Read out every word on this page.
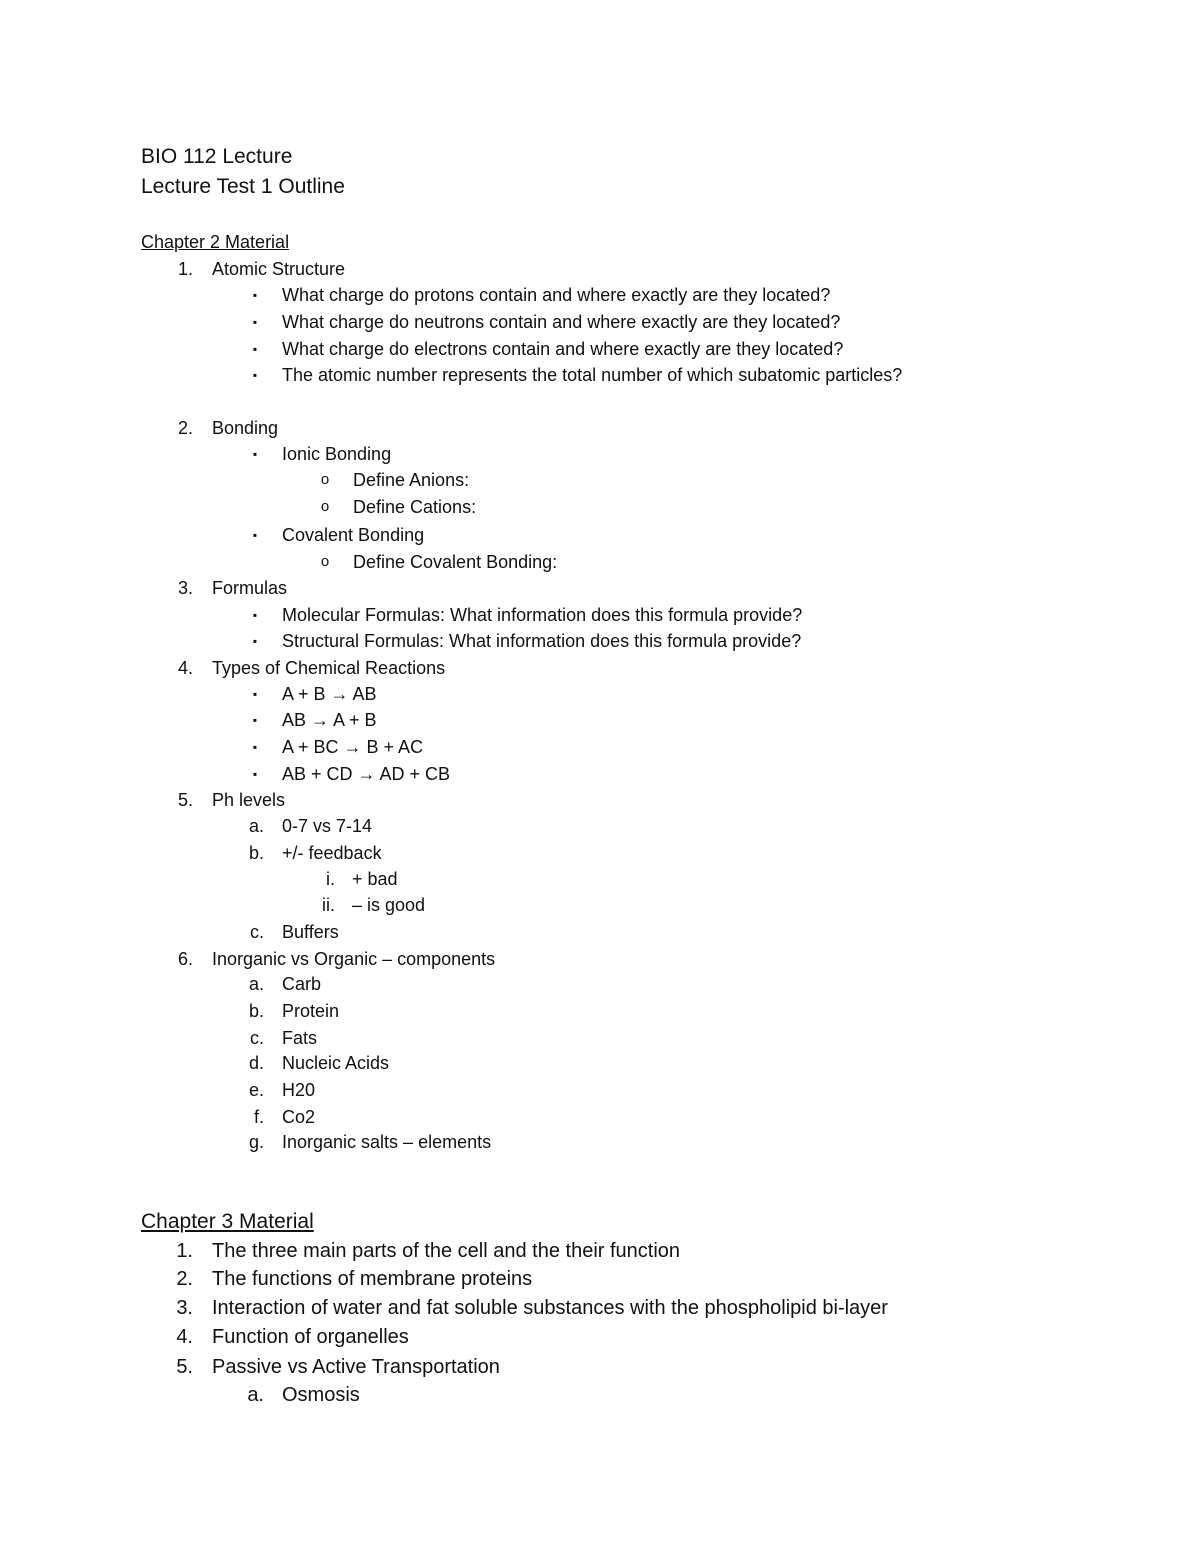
BIO 112 Lecture
Lecture Test 1 Outline
Chapter 2 Material
1. Atomic Structure
▪ What charge do protons contain and where exactly are they located?
▪ What charge do neutrons contain and where exactly are they located?
▪ What charge do electrons contain and where exactly are they located?
▪ The atomic number represents the total number of which subatomic particles?
2. Bonding
▪ Ionic Bonding
o Define Anions:
o Define Cations:
▪ Covalent Bonding
o Define Covalent Bonding:
3. Formulas
▪ Molecular Formulas: What information does this formula provide?
▪ Structural Formulas: What information does this formula provide?
4. Types of Chemical Reactions
▪ A + B → AB
▪ AB → A + B
▪ A + BC → B + AC
▪ AB + CD → AD + CB
5. Ph levels
a. 0-7 vs 7-14
b. +/- feedback
i. + bad
ii. – is good
c. Buffers
6. Inorganic vs Organic – components
a. Carb
b. Protein
c. Fats
d. Nucleic Acids
e. H20
f. Co2
g. Inorganic salts – elements
Chapter 3 Material
1. The three main parts of the cell and the their function
2. The functions of membrane proteins
3. Interaction of water and fat soluble substances with the phospholipid bi-layer
4. Function of organelles
5. Passive vs Active Transportation
a. Osmosis
